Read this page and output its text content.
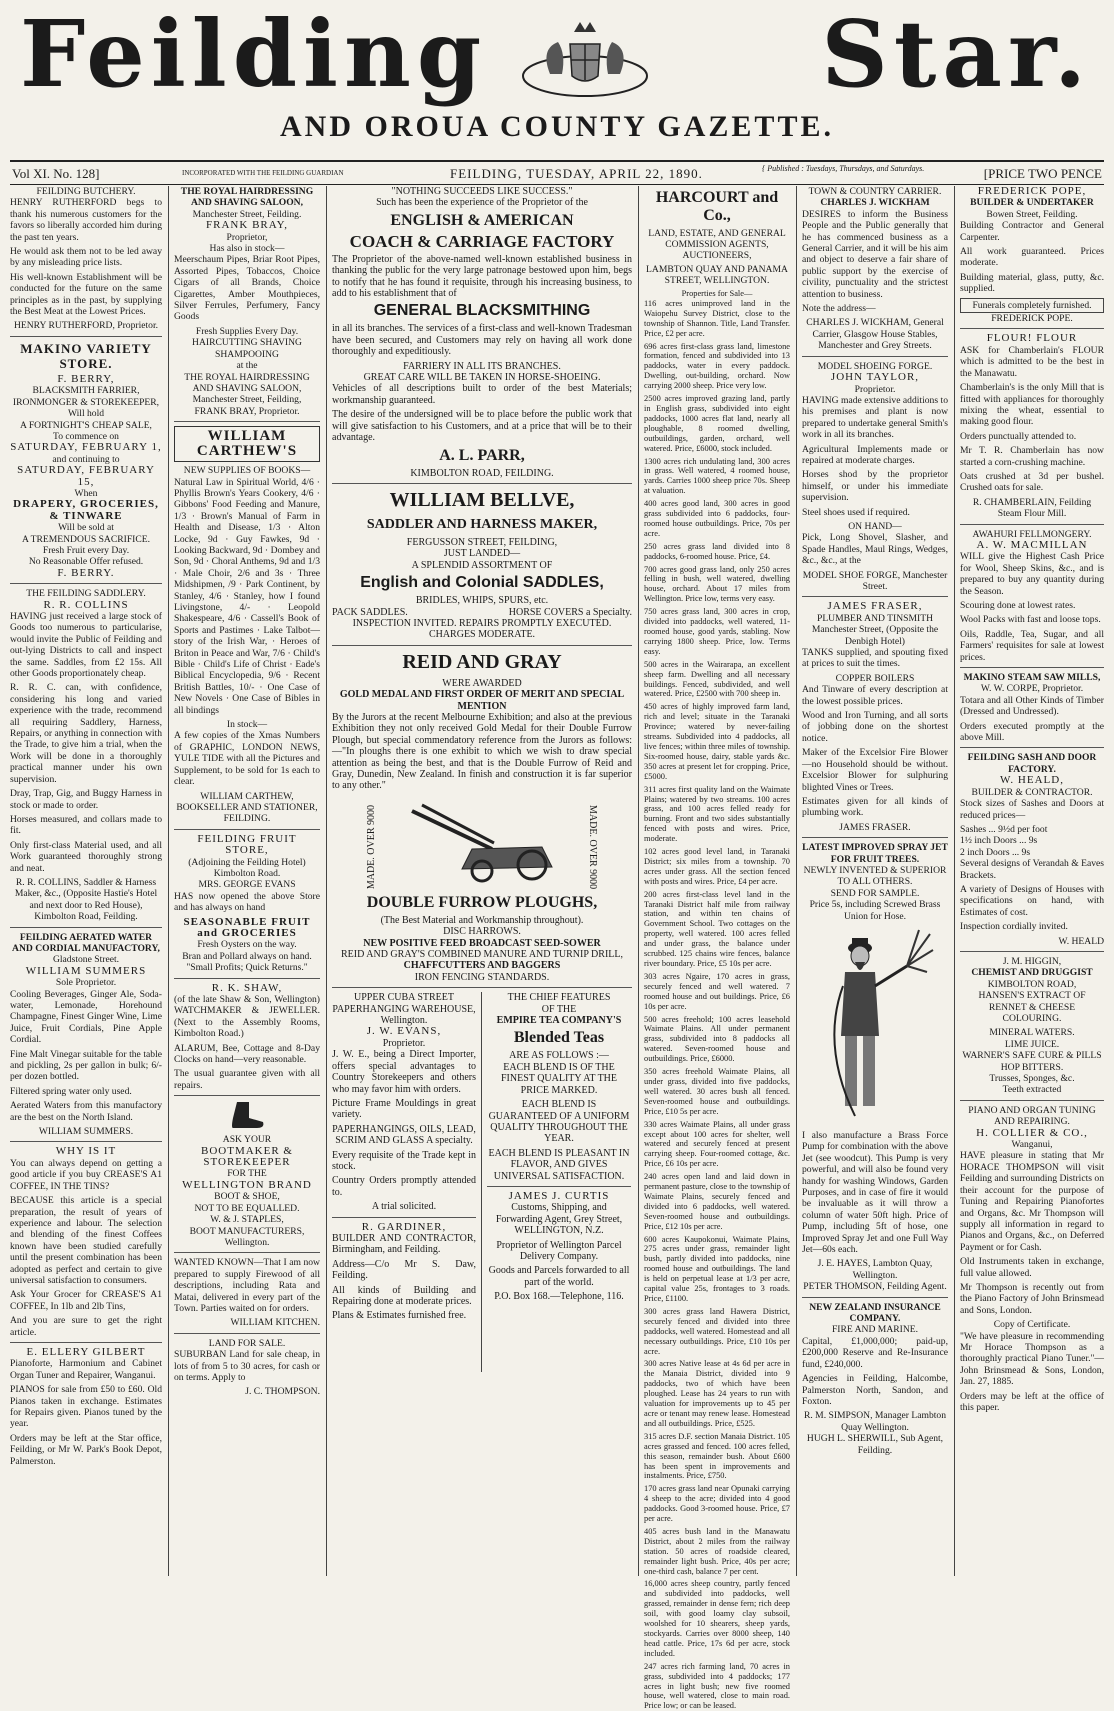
Feilding	Star.
AND OROUA COUNTY GAZETTE.
Vol XI. No. 128]	INCORPORATED WITH THE FEILDING GUARDIAN	FEILDING, TUESDAY, APRIL 22, 1890.	{ Published : Tuesdays, Thursdays, and Saturdays.	[PRICE TWO PENCE
FEILDING BUTCHERY.

HENRY RUTHERFORD begs to thank his numerous customers for the favors so liberally accorded him during the past ten years.

He would ask them not to be led away by any misleading price lists.

His well-known Establishment will be conducted for the future on the same principles as in the past, by supplying the Best Meat at the Lowest Prices.

HENRY RUTHERFORD, Proprietor.
MAKINO VARIETY STORE.
F. BERRY,
BLACKSMITH FARRIER, IRONMONGER & STOREKEEPER,
Will hold
A FORTNIGHT'S CHEAP SALE,
To commence on
SATURDAY, FEBRUARY 1,
and continuing to
SATURDAY, FEBRUARY 15,
When
DRAPERY, GROCERIES, & TINWARE
Will be sold at
A TREMENDOUS SACRIFICE.
Fresh Fruit every Day.
No Reasonable Offer refused.
F. BERRY.
THE FEILDING SADDLERY.
R. R. COLLINS

HAVING just received a large stock of Goods too numerous to particularise, would invite the Public of Feilding and out-lying Districts to call and inspect the same. Saddles, from £2 15s. All other Goods proportionately cheap.

R. R. C. can, with confidence, considering his long and varied experience with the trade, recommend all requiring Saddlery, Harness, Repairs, or anything in connection with the Trade, to give him a trial, when the Work will be done in a thoroughly practical manner under his own supervision.

Dray, Trap, Gig, and Buggy Harness in stock or made to order.

Horses measured, and collars made to fit.

Only first-class Material used, and all Work guaranteed thoroughly strong and neat.

R. R. COLLINS, Saddler & Harness Maker, &c., (Opposite Hastie's Hotel and next door to Red House), Kimbolton Road, Feilding.
FEILDING AERATED WATER AND CORDIAL MANUFACTORY,
Gladstone Street.
WILLIAM SUMMERS
Sole Proprietor.

Cooling Beverages, Ginger Ale, Soda-water, Lemonade, Horehound Champagne, Finest Ginger Wine, Lime Juice, Fruit Cordials, Pine Apple Cordial.

Fine Malt Vinegar suitable for the table and pickling, 2s per gallon in bulk; 6/- per dozen bottled.

Filtered spring water only used.

Aerated Waters from this manufactory are the best on the North Island.

WILLIAM SUMMERS.
WHY IS IT

You can always depend on getting a good article if you buy CREASE'S A1 COFFEE, IN THE TINS?

BECAUSE this article is a special preparation, the result of years of experience and labour. The selection and blending of the finest Coffees known have been studied carefully until the present combination has been adopted as perfect and certain to give universal satisfaction to consumers.

Ask Your Grocer for CREASE'S A1 COFFEE, In 1lb and 2lb Tins,

And you are sure to get the right article.

E. ELLERY GILBERT

Pianoforte, Harmonium and Cabinet Organ Tuner and Repairer, Wanganui.

PIANOS for sale from £50 to £60. Old Pianos taken in exchange. Estimates for Repairs given. Pianos tuned by the year.

Orders may be left at the Star office, Feilding, or Mr W. Park's Book Depot, Palmerston.

THE ROYAL HAIRDRESSING AND SHAVING SALOON,
Manchester Street, Feilding.
FRANK BRAY,
Proprietor,
Has also in stock—

Meerschaum Pipes, Briar Root Pipes, Assorted Pipes, Tobaccos, Choice Cigars of all Brands, Choice Cigarettes, Amber Mouthpieces, Silver Ferrules, Perfumery, Fancy Goods

Fresh Supplies Every Day.
HAIRCUTTING SHAVING SHAMPOOING
at the
THE ROYAL HAIRDRESSING AND SHAVING SALOON,
Manchester Street, Feilding,
FRANK BRAY, Proprietor.
WILLIAM CARTHEW'S
NEW SUPPLIES OF BOOKS—

Natural Law in Spiritual World, 4/6 · Phyllis Brown's Years Cookery, 4/6 · Gibbons' Food Feeding and Manure, 1/3 · Brown's Manual of Farm in Health and Disease, 1/3 · Alton Locke, 9d · Guy Fawkes, 9d · Looking Backward, 9d · Dombey and Son, 9d · Choral Anthems, 9d and 1/3 · Male Choir, 2/6 and 3s · Three Midshipmen, /9 · Park Continent, by Stanley, 4/6 · Stanley, how I found Livingstone, 4/- · Leopold Shakespeare, 4/6 · Cassell's Book of Sports and Pastimes · Lake Talbot—story of the Irish War, · Heroes of Briton in Peace and War, 7/6 · Child's Bible · Child's Life of Christ · Eade's Biblical Encyclopedia, 9/6 · Recent British Battles, 10/- · One Case of New Novels · One Case of Bibles in all bindings

In stock—

A few copies of the Xmas Numbers of GRAPHIC, LONDON NEWS, YULE TIDE with all the Pictures and Supplement, to be sold for 1s each to clear.

WILLIAM CARTHEW, BOOKSELLER AND STATIONER, FEILDING.
FEILDING FRUIT STORE,
(Adjoining the Feilding Hotel)
Kimbolton Road.
MRS. GEORGE EVANS

HAS now opened the above Store and has always on hand

SEASONABLE FRUIT and GROCERIES
Fresh Oysters on the way.
Bran and Pollard always on hand.
"Small Profits; Quick Returns."
R. K. SHAW,

(of the late Shaw & Son, Wellington) WATCHMAKER & JEWELLER. (Next to the Assembly Rooms, Kimbolton Road.)

ALARUM, Bee, Cottage and 8-Day Clocks on hand—very reasonable.

The usual guarantee given with all repairs.

ASK YOUR
BOOTMAKER & STOREKEEPER
FOR THE
WELLINGTON BRAND
BOOT & SHOE,
NOT TO BE EQUALLED.
W. & J. STAPLES,
BOOT MANUFACTURERS,
Wellington.

WANTED KNOWN—That I am now prepared to supply Firewood of all descriptions, including Rata and Matai, delivered in every part of the Town. Parties waited on for orders.

WILLIAM KITCHEN.
LAND FOR SALE.

SUBURBAN Land for sale cheap, in lots of from 5 to 30 acres, for cash or on terms. Apply to

J. C. THOMPSON.
"NOTHING SUCCEEDS LIKE SUCCESS."
Such has been the experience of the Proprietor of the
ENGLISH & AMERICAN
COACH & CARRIAGE FACTORY

The Proprietor of the above-named well-known established business in thanking the public for the very large patronage bestowed upon him, begs to notify that he has found it requisite, through his increasing business, to add to his establishment that of

GENERAL BLACKSMITHING

in all its branches. The services of a first-class and well-known Tradesman have been secured, and Customers may rely on having all work done thoroughly and expeditiously.

FARRIERY IN ALL ITS BRANCHES.
GREAT CARE WILL BE TAKEN IN HORSE-SHOEING.

Vehicles of all descriptions built to order of the best Materials; workmanship guaranteed.

The desire of the undersigned will be to place before the public work that will give satisfaction to his Customers, and at a price that will be to their advantage.

A. L. PARR,
KIMBOLTON ROAD, FEILDING.
WILLIAM BELLVE,
SADDLER AND HARNESS MAKER,
FERGUSSON STREET, FEILDING,
JUST LANDED—
A SPLENDID ASSORTMENT OF
English and Colonial SADDLES,
BRIDLES, WHIPS, SPURS, etc.
PACK SADDLES.	HORSE COVERS a Specialty.
INSPECTION INVITED. REPAIRS PROMPTLY EXECUTED.
CHARGES MODERATE.
REID AND GRAY
WERE AWARDED
GOLD MEDAL AND FIRST ORDER OF MERIT AND SPECIAL MENTION

By the Jurors at the recent Melbourne Exhibition; and also at the previous Exhibition they not only received Gold Medal for their Double Furrow Plough, but special commendatory reference from the Jurors as follows:—"In ploughs there is one exhibit to which we wish to draw special attention as being the best, and that is the Double Furrow of Reid and Gray, Dunedin, New Zealand. In finish and construction it is far superior to any other."

MADE. OVER 9000	MADE. OVER 9000
DOUBLE FURROW PLOUGHS,
(The Best Material and Workmanship throughout).
DISC HARROWS.
NEW POSITIVE FEED BROADCAST SEED-SOWER
REID AND GRAY'S COMBINED MANURE AND TURNIP DRILL,
CHAFFCUTTERS AND BAGGERS
IRON FENCING STANDARDS.
UPPER CUBA STREET PAPERHANGING WAREHOUSE,
Wellington.
J. W. EVANS,
Proprietor.

J. W. E., being a Direct Importer, offers special advantages to Country Storekeepers and others who may favor him with orders.

Picture Frame Mouldings in great variety.

PAPERHANGINGS, OILS, LEAD, SCRIM AND GLASS A specialty.

Every requisite of the Trade kept in stock.

Country Orders promptly attended to.

A trial solicited.
R. GARDINER,

BUILDER AND CONTRACTOR, Birmingham, and Feilding.

Address—C/o Mr S. Daw, Feilding.

All kinds of Building and Repairing done at moderate prices.

Plans & Estimates furnished free.

THE CHIEF FEATURES
OF THE
EMPIRE TEA COMPANY'S
Blended Teas
ARE AS FOLLOWS :—

EACH BLEND IS OF THE FINEST QUALITY AT THE PRICE MARKED.

EACH BLEND IS GUARANTEED OF A UNIFORM QUALITY THROUGHOUT THE YEAR.

EACH BLEND IS PLEASANT IN FLAVOR, AND GIVES UNIVERSAL SATISFACTION.

JAMES J. CURTIS

Customs, Shipping, and Forwarding Agent, Grey Street, WELLINGTON, N.Z.

Proprietor of Wellington Parcel Delivery Company.

Goods and Parcels forwarded to all part of the world.

P.O. Box 168.—Telephone, 116.

HARCOURT and Co.,

LAND, ESTATE, AND GENERAL COMMISSION AGENTS, AUCTIONEERS,

LAMBTON QUAY AND PANAMA STREET, WELLINGTON.

Properties for Sale—

116 acres unimproved land in the Waiopehu Survey District, close to the township of Shannon. Title, Land Transfer. Price, £2 per acre.

696 acres first-class grass land, limestone formation, fenced and subdivided into 13 paddocks, water in every paddock. Dwelling, out-building, orchard. Now carrying 2000 sheep. Price very low.

2500 acres improved grazing land, partly in English grass, subdivided into eight paddocks, 1000 acres flat land, nearly all ploughable, 8 roomed dwelling, outbuildings, garden, orchard, well watered. Price, £6000, stock included.

1300 acres rich undulating land, 300 acres in grass. Well watered, 4 roomed house, yards. Carries 1000 sheep price 70s. Sheep at valuation.

400 acres good land, 300 acres in good grass subdivided into 6 paddocks, four-roomed house outbuildings. Price, 70s per acre.

250 acres grass land divided into 8 paddocks, 6-roomed house. Price, £4.

700 acres good grass land, only 250 acres felling in bush, well watered, dwelling house, orchard. About 17 miles from Wellington. Price low, terms very easy.

750 acres grass land, 300 acres in crop, divided into paddocks, well watered, 11-roomed house, good yards, stabling. Now carrying 1800 sheep. Price, low. Terms easy.

500 acres in the Wairarapa, an excellent sheep farm. Dwelling and all necessary buildings. Fenced, subdivided, and well watered. Price, £2500 with 700 sheep in.

450 acres of highly improved farm land, rich and level; situate in the Taranaki Province; watered by never-failing streams. Subdivided into 4 paddocks, all live fences; within three miles of township. Six-roomed house, dairy, stable yards &c. 350 acres at present let for cropping. Price, £5000.

311 acres first quality land on the Waimate Plains; watered by two streams. 100 acres grass, and 100 acres felled ready for burning. Front and two sides substantially fenced with posts and wires. Price, moderate.

102 acres good level land, in Taranaki District; six miles from a township. 70 acres under grass. All the section fenced with posts and wires. Price, £4 per acre.

200 acres first-class level land in the Taranaki District half mile from railway station, and within ten chains of Government School. Two cottages on the property, well watered. 100 acres felled and under grass, the balance under scrubbed. 125 chains wire fences, balance river boundary. Price, £5 10s per acre.

303 acres Ngaire, 170 acres in grass, securely fenced and well watered. 7 roomed house and out buildings. Price, £6 10s per acre.

500 acres freehold; 100 acres leasehold Waimate Plains. All under permanent grass, subdivided into 8 paddocks all watered. Seven-roomed house and outbuildings. Price, £6000.

350 acres freehold Waimate Plains, all under grass, divided into five paddocks, well watered. 30 acres bush all fenced. Seven-roomed house and outbuildings. Price, £10 5s per acre.

330 acres Waimate Plains, all under grass except about 100 acres for shelter, well watered and securely fenced at present carrying sheep. Four-roomed cottage, &c. Price, £6 10s per acre.

240 acres open land and laid down in permanent pasture, close to the township of Waimate Plains, securely fenced and divided into 6 paddocks, well watered. Seven-roomed house and outbuildings. Price, £12 10s per acre.

600 acres Kaupokonui, Waimate Plains, 275 acres under grass, remainder light bush, partly divided into paddocks, nine roomed house and outbuildings. The land is held on perpetual lease at 1/3 per acre, capital value 25s, frontages to 3 roads. Price, £1100.

300 acres grass land Hawera District, securely fenced and divided into three paddocks, well watered. Homestead and all necessary outbuildings. Price, £10 10s per acre.

300 acres Native lease at 4s 6d per acre in the Manaia District, divided into 9 paddocks, two of which have been ploughed. Lease has 24 years to run with valuation for improvements up to 45 per acre or tenant may renew lease. Homestead and all outbuildings. Price, £525.

315 acres D.F. section Manaia District. 105 acres grassed and fenced. 100 acres felled, this season, remainder bush. About £600 has been spent in improvements and instalments. Price, £750.

170 acres grass land near Opunaki carrying 4 sheep to the acre; divided into 4 good paddocks. Good 3-roomed house. Price, £7 per acre.

405 acres bush land in the Manawatu District, about 2 miles from the railway station. 50 acres of roadside cleared, remainder light bush. Price, 40s per acre; one-third cash, balance 7 per cent.

16,000 acres sheep country, partly fenced and subdivided into paddocks, well grassed, remainder in dense fern; rich deep soil, with good loamy clay subsoil, woolshed for 10 shearers, sheep yards, stockyards. Carries over 8000 sheep, 140 head cattle. Price, 17s 6d per acre, stock included.

247 acres rich farming land, 70 acres in grass, subdivided into 4 paddocks; 177 acres in light bush; new five roomed house, well watered, close to main road. Price low; or can be leased.

TOWN & COUNTRY CARRIER.
CHARLES J. WICKHAM

DESIRES to inform the Business People and the Public generally that he has commenced business as a General Carrier, and it will be his aim and object to deserve a fair share of public support by the exercise of civility, punctuality and the strictest attention to business.

Note the address—

CHARLES J. WICKHAM, General Carrier, Glasgow House Stables, Manchester and Grey Streets.
MODEL SHOEING FORGE.
JOHN TAYLOR,
Proprietor.

HAVING made extensive additions to his premises and plant is now prepared to undertake general Smith's work in all its branches.

Agricultural Implements made or repaired at moderate charges.

Horses shod by the proprietor himself, or under his immediate supervision.

Steel shoes used if required.

ON HAND—

Pick, Long Shovel, Slasher, and Spade Handles, Maul Rings, Wedges, &c., &c., at the

MODEL SHOE FORGE, Manchester Street.
JAMES FRASER,
PLUMBER AND TINSMITH
Manchester Street, (Opposite the Denbigh Hotel)

TANKS supplied, and spouting fixed at prices to suit the times.

COPPER BOILERS

And Tinware of every description at the lowest possible prices.

Wood and Iron Turning, and all sorts of jobbing done on the shortest notice.

Maker of the Excelsior Fire Blower—no Household should be without. Excelsior Blower for sulphuring blighted Vines or Trees.

Estimates given for all kinds of plumbing work.

JAMES FRASER.
LATEST IMPROVED SPRAY JET FOR FRUIT TREES.
NEWLY INVENTED & SUPERIOR TO ALL OTHERS.
SEND FOR SAMPLE.
Price 5s, including Screwed Brass Union for Hose.

I also manufacture a Brass Force Pump for combination with the above Jet (see woodcut). This Pump is very powerful, and will also be found very handy for washing Windows, Garden Purposes, and in case of fire it would be invaluable as it will throw a column of water 50ft high. Price of Pump, including 5ft of hose, one Improved Spray Jet and one Full Way Jet—60s each.

J. E. HAYES, Lambton Quay, Wellington.
PETER THOMSON, Feilding Agent.
NEW ZEALAND INSURANCE COMPANY.
FIRE AND MARINE.

Capital, £1,000,000; paid-up, £200,000 Reserve and Re-Insurance fund, £240,000.

Agencies in Feilding, Halcombe, Palmerston North, Sandon, and Foxton.

R. M. SIMPSON, Manager Lambton Quay Wellington.
HUGH L. SHERWILL, Sub Agent, Feilding.
FREDERICK POPE,
BUILDER & UNDERTAKER
Bowen Street, Feilding.

Building Contractor and General Carpenter.

All work guaranteed. Prices moderate.

Building material, glass, putty, &c. supplied.

Funerals completely furnished.
FREDERICK POPE.
FLOUR! FLOUR

ASK for Chamberlain's FLOUR which is admitted to be the best in the Manawatu.

Chamberlain's is the only Mill that is fitted with appliances for thoroughly mixing the wheat, essential to making good flour.

Orders punctually attended to.

Mr T. R. Chamberlain has now started a corn-crushing machine.

Oats crushed at 3d per bushel. Crushed oats for sale.

R. CHAMBERLAIN, Feilding Steam Flour Mill.
AWAHURI FELLMONGERY.
A. W. MACMILLAN

WILL give the Highest Cash Price for Wool, Sheep Skins, &c., and is prepared to buy any quantity during the Season.

Scouring done at lowest rates.

Wool Packs with fast and loose tops.

Oils, Raddle, Tea, Sugar, and all Farmers' requisites for sale at lowest prices.

MAKINO STEAM SAW MILLS,
W. W. CORPE, Proprietor.

Totara and all Other Kinds of Timber (Dressed and Undressed).

Orders executed promptly at the above Mill.

FEILDING SASH AND DOOR FACTORY.
W. HEALD,
BUILDER & CONTRACTOR.

Stock sizes of Sashes and Doors at reduced prices—

Sashes ... 9½d per foot
1½ inch Doors ... 9s
2 inch Doors ... 9s

Several designs of Verandah & Eaves Brackets.

A variety of Designs of Houses with specifications on hand, with Estimates of cost.

Inspection cordially invited.

W. HEALD
J. M. HIGGIN,
CHEMIST AND DRUGGIST
KIMBOLTON ROAD,

HANSEN'S EXTRACT OF RENNET & CHEESE COLOURING.

MINERAL WATERS.
LIME JUICE.
WARNER'S SAFE CURE & PILLS
HOP BITTERS.
Trusses, Sponges, &c.
Teeth extracted
PIANO AND ORGAN TUNING AND REPAIRING.
H. COLLIER & CO.,
Wanganui,

HAVE pleasure in stating that Mr HORACE THOMPSON will visit Feilding and surrounding Districts on their account for the purpose of Tuning and Repairing Pianofortes and Organs, &c. Mr Thompson will supply all information in regard to Pianos and Organs, &c., on Deferred Payment or for Cash.

Old Instruments taken in exchange, full value allowed.

Mr Thompson is recently out from the Piano Factory of John Brinsmead and Sons, London.

Copy of Certificate.

"We have pleasure in recommending Mr Horace Thompson as a thoroughly practical Piano Tuner."— John Brinsmead & Sons, London, Jan. 27, 1885.

Orders may be left at the office of this paper.
